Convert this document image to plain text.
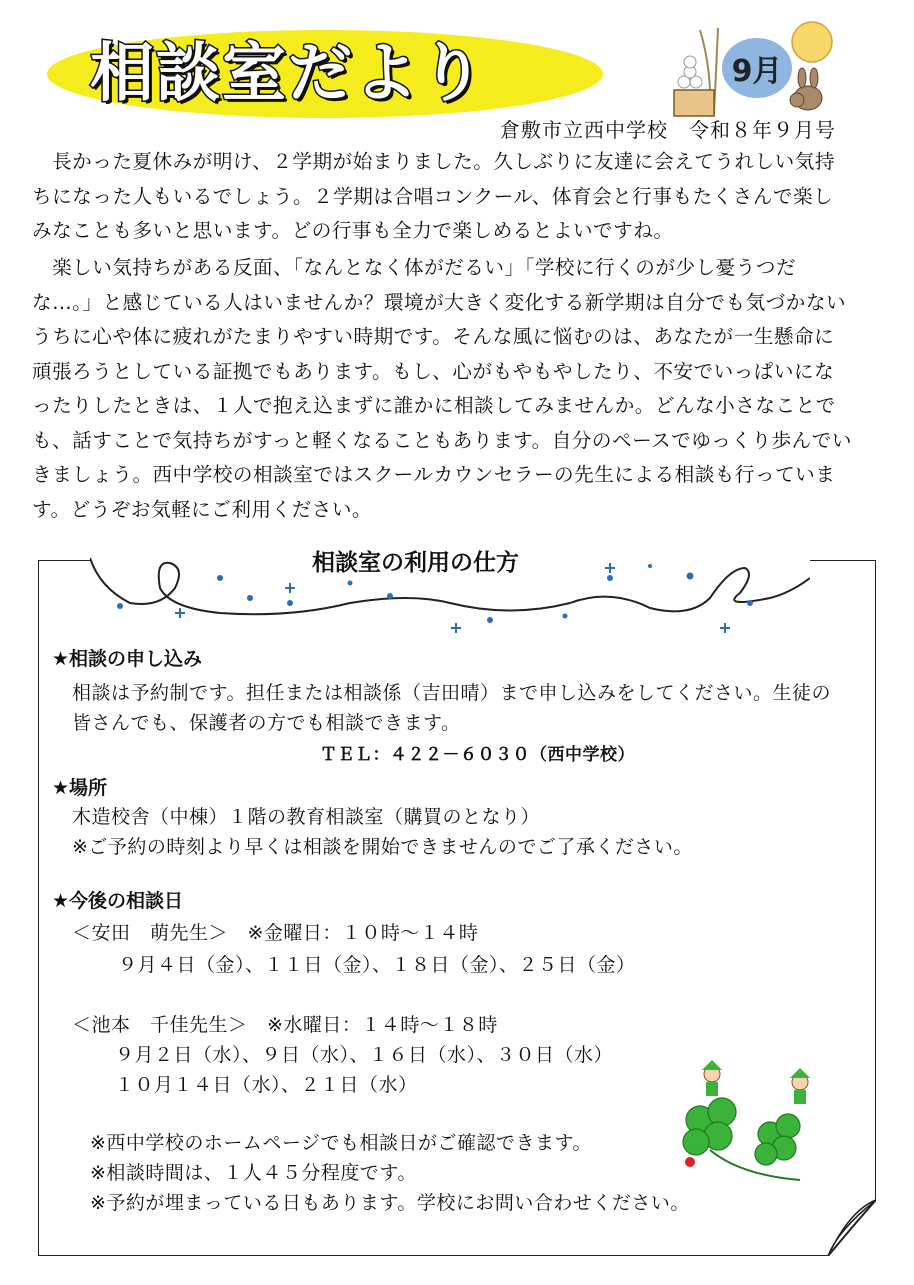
相談室だより	9月
倉敷市立西中学校　令和８年９月号
　長かった夏休みが明け、２学期が始まりました。久しぶりに友達に会えてうれしい気持ちになった人もいるでしょう。２学期は合唱コンクール、体育会と行事もたくさんで楽しみなことも多いと思います。どの行事も全力で楽しめるとよいですね。
　楽しい気持ちがある反面、「なんとなく体がだるい」「学校に行くのが少し憂うつだな…。」と感じている人はいませんか？環境が大きく変化する新学期は自分でも気づかないうちに心や体に疲れがたまりやすい時期です。そんな風に悩むのは、あなたが一生懸命に頑張ろうとしている証拠でもあります。もし、心がもやもやしたり、不安でいっぱいになったりしたときは、１人で抱え込まずに誰かに相談してみませんか。どんな小さなことでも、話すことで気持ちがすっと軽くなることもあります。自分のペースでゆっくり歩んでいきましょう。西中学校の相談室ではスクールカウンセラーの先生による相談も行っています。どうぞお気軽にご利用ください。
相談室の利用の仕方
★相談の申し込み
相談は予約制です。担任または相談係（吉田晴）まで申し込みをしてください。生徒の
皆さんでも、保護者の方でも相談できます。
ＴＥＬ：４２２－６０３０（西中学校）
★場所
木造校舎（中棟）１階の教育相談室（購買のとなり）
※ご予約の時刻より早くは相談を開始できませんのでご了承ください。
★今後の相談日
＜安田　萌先生＞　※金曜日：１０時～１４時
９月４日（金）、１１日（金）、１８日（金）、２５日（金）
＜池本　千佳先生＞　※水曜日：１４時～１８時
９月２日（水）、９日（水）、１６日（水）、３０日（水）
１０月１４日（水）、２１日（水）
※西中学校のホームページでも相談日がご確認できます。
※相談時間は、１人４５分程度です。
※予約が埋まっている日もあります。学校にお問い合わせください。
